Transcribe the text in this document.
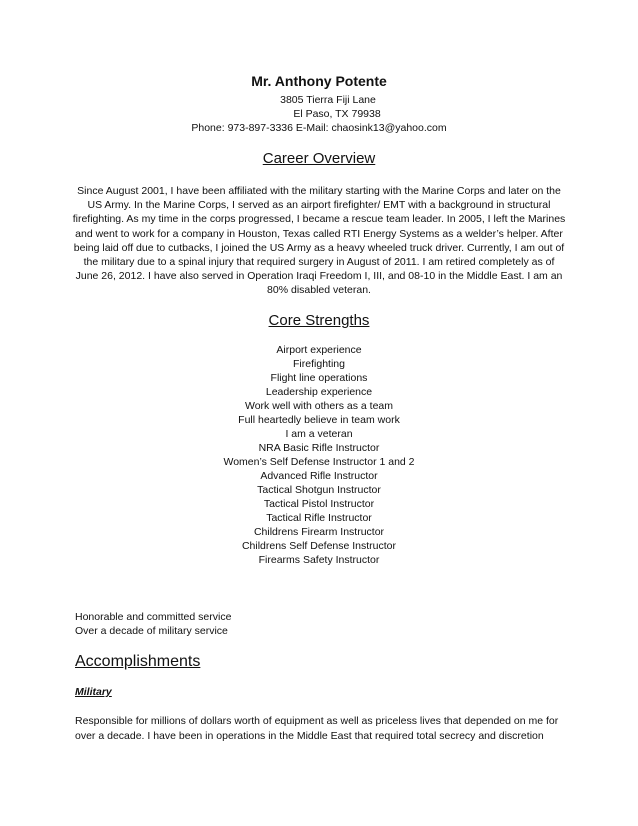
Mr. Anthony Potente
3805 Tierra Fiji Lane
El Paso, TX 79938
Phone: 973-897-3336 E-Mail: chaosink13@yahoo.com
Career Overview
Since August 2001, I have been affiliated with the military starting with the Marine Corps and later on the US Army. In the Marine Corps, I served as an airport firefighter/ EMT with a background in structural firefighting. As my time in the corps progressed, I became a rescue team leader. In 2005, I left the Marines and went to work for a company in Houston, Texas called RTI Energy Systems as a welder’s helper. After being laid off due to cutbacks, I joined the US Army as a heavy wheeled truck driver. Currently, I am out of the military due to a spinal injury that required surgery in August of 2011. I am retired completely as of June 26, 2012. I have also served in Operation Iraqi Freedom I, III, and 08-10 in the Middle East. I am an 80% disabled veteran.
Core Strengths
Airport experience
Firefighting
Flight line operations
Leadership experience
Work well with others as a team
Full heartedly believe in team work
I am a veteran
NRA Basic Rifle Instructor
Women’s Self Defense Instructor 1 and 2
Advanced Rifle Instructor
Tactical Shotgun Instructor
Tactical Pistol Instructor
Tactical Rifle Instructor
Childrens Firearm Instructor
Childrens Self Defense Instructor
Firearms Safety Instructor
Honorable and committed service
Over a decade of military service
Accomplishments
Military
Responsible for millions of dollars worth of equipment as well as priceless lives that depended on me for over a decade. I have been in operations in the Middle East that required total secrecy and discretion
